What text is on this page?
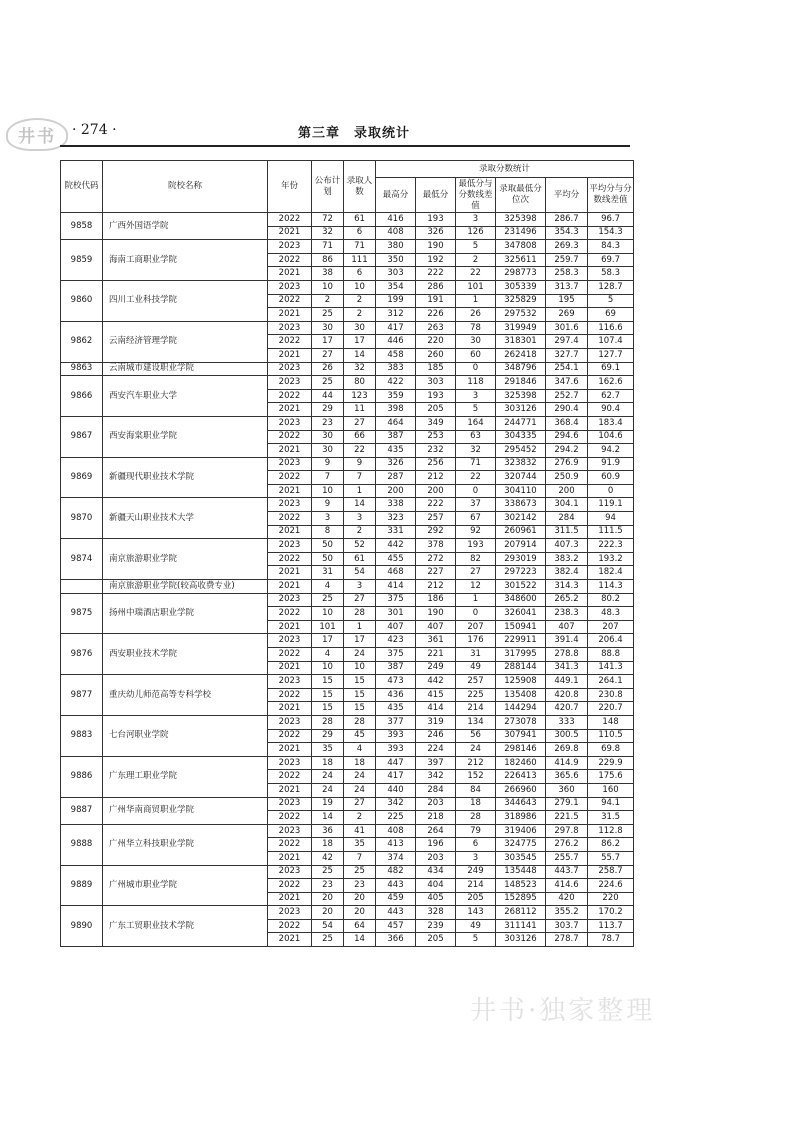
井书	· 274 ·	第三章　录取统计
院校代码	院校名称	年份	公布计划	录取人数	录取分数统计					
					最高分	最低分	最低分与分数线差值	录取最低分位次	平均分	平均分与分数线差值
9858	广西外国语学院	2022	72	61	416	193	3	325398	286.7	96.7
		2021	32	6	408	326	126	231496	354.3	154.3
9859	海南工商职业学院	2023	71	71	380	190	5	347808	269.3	84.3
		2022	86	111	350	192	2	325611	259.7	69.7
		2021	38	6	303	222	22	298773	258.3	58.3
9860	四川工业科技学院	2023	10	10	354	286	101	305339	313.7	128.7
		2022	2	2	199	191	1	325829	195	5
		2021	25	2	312	226	26	297532	269	69
9862	云南经济管理学院	2023	30	30	417	263	78	319949	301.6	116.6
		2022	17	17	446	220	30	318301	297.4	107.4
		2021	27	14	458	260	60	262418	327.7	127.7
9863	云南城市建设职业学院	2023	26	32	383	185	0	348796	254.1	69.1
9866	西安汽车职业大学	2023	25	80	422	303	118	291846	347.6	162.6
		2022	44	123	359	193	3	325398	252.7	62.7
		2021	29	11	398	205	5	303126	290.4	90.4
9867	西安海棠职业学院	2023	23	27	464	349	164	244771	368.4	183.4
		2022	30	66	387	253	63	304335	294.6	104.6
		2021	30	22	435	232	32	295452	294.2	94.2
9869	新疆现代职业技术学院	2023	9	9	326	256	71	323832	276.9	91.9
		2022	7	7	287	212	22	320744	250.9	60.9
		2021	10	1	200	200	0	304110	200	0
9870	新疆天山职业技术大学	2023	9	14	338	222	37	338673	304.1	119.1
		2022	3	3	323	257	67	302142	284	94
		2021	8	2	331	292	92	260961	311.5	111.5
9874	南京旅游职业学院	2023	50	52	442	378	193	207914	407.3	222.3
		2022	50	61	455	272	82	293019	383.2	193.2
		2021	31	54	468	227	27	297223	382.4	182.4
	南京旅游职业学院(较高收费专业)	2021	4	3	414	212	12	301522	314.3	114.3
9875	扬州中瑞酒店职业学院	2023	25	27	375	186	1	348600	265.2	80.2
		2022	10	28	301	190	0	326041	238.3	48.3
		2021	101	1	407	407	207	150941	407	207
9876	西安职业技术学院	2023	17	17	423	361	176	229911	391.4	206.4
		2022	4	24	375	221	31	317995	278.8	88.8
		2021	10	10	387	249	49	288144	341.3	141.3
9877	重庆幼儿师范高等专科学校	2023	15	15	473	442	257	125908	449.1	264.1
		2022	15	15	436	415	225	135408	420.8	230.8
		2021	15	15	435	414	214	144294	420.7	220.7
9883	七台河职业学院	2023	28	28	377	319	134	273078	333	148
		2022	29	45	393	246	56	307941	300.5	110.5
		2021	35	4	393	224	24	298146	269.8	69.8
9886	广东理工职业学院	2023	18	18	447	397	212	182460	414.9	229.9
		2022	24	24	417	342	152	226413	365.6	175.6
		2021	24	24	440	284	84	266960	360	160
9887	广州华南商贸职业学院	2023	19	27	342	203	18	344643	279.1	94.1
		2022	14	2	225	218	28	318986	221.5	31.5
9888	广州华立科技职业学院	2023	36	41	408	264	79	319406	297.8	112.8
		2022	18	35	413	196	6	324775	276.2	86.2
		2021	42	7	374	203	3	303545	255.7	55.7
9889	广州城市职业学院	2023	25	25	482	434	249	135448	443.7	258.7
		2022	23	23	443	404	214	148523	414.6	224.6
		2021	20	20	459	405	205	152895	420	220
9890	广东工贸职业技术学院	2023	20	20	443	328	143	268112	355.2	170.2
		2022	54	64	457	239	49	311141	303.7	113.7
		2021	25	14	366	205	5	303126	278.7	78.7
井书·独家整理
